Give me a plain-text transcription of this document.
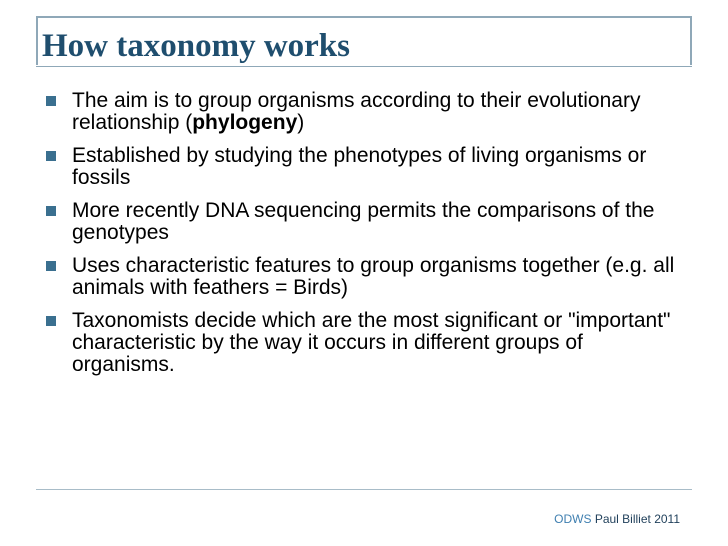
How taxonomy works
The aim is to group organisms according to their evolutionary relationship (phylogeny)
Established by studying the phenotypes of living organisms or fossils
More recently DNA sequencing permits the comparisons of the genotypes
Uses characteristic features to group organisms together (e.g. all animals with feathers = Birds)
Taxonomists decide which are the most significant or "important" characteristic by the way it occurs in different groups of organisms.
ODWS Paul Billiet 2011
